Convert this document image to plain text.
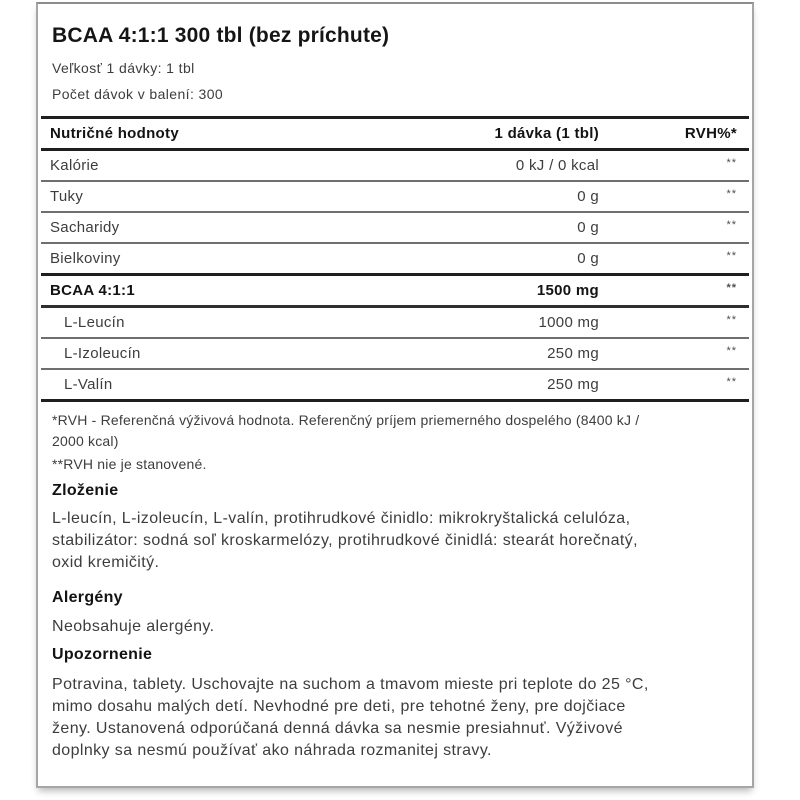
BCAA 4:1:1 300 tbl (bez príchute)
Veľkosť 1 dávky: 1 tbl
Počet dávok v balení: 300
Nutričné hodnoty	1 dávka (1 tbl)	RVH%*
Kalórie	0 kJ / 0 kcal	**
Tuky	0 g	**
Sacharidy	0 g	**
Bielkoviny	0 g	**
BCAA 4:1:1	1500 mg	**
L-Leucín	1000 mg	**
L-Izoleucín	250 mg	**
L-Valín	250 mg	**
*RVH - Referenčná výživová hodnota. Referenčný príjem priemerného dospelého (8400 kJ /
2000 kcal)
**RVH nie je stanovené.
Zloženie
L-leucín, L-izoleucín, L-valín, protihrudkové činidlo: mikrokryštalická celulóza,
stabilizátor: sodná soľ kroskarmelózy, protihrudkové činidlá: stearát horečnatý,
oxid kremičitý.
Alergény
Neobsahuje alergény.
Upozornenie
Potravina, tablety. Uschovajte na suchom a tmavom mieste pri teplote do 25 °C,
mimo dosahu malých detí. Nevhodné pre deti, pre tehotné ženy, pre dojčiace
ženy. Ustanovená odporúčaná denná dávka sa nesmie presiahnuť. Výživové
doplnky sa nesmú používať ako náhrada rozmanitej stravy.
